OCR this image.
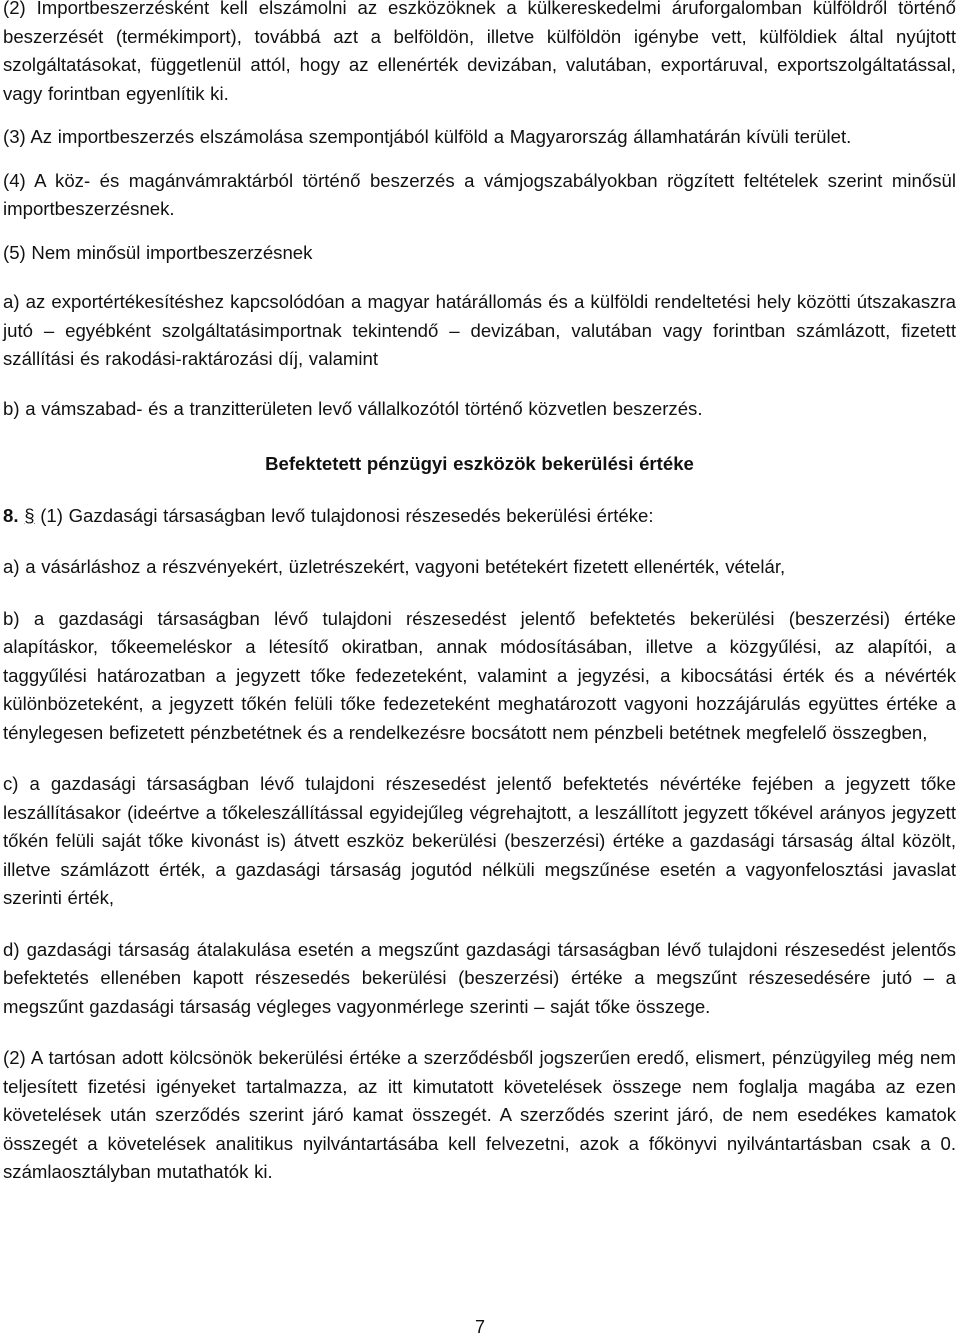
(2) Importbeszerzésként kell elszámolni az eszközöknek a külkereskedelmi áruforgalomban külföldről történő beszerzését (termékimport), továbbá azt a belföldön, illetve külföldön igénybe vett, külföldiek által nyújtott szolgáltatásokat, függetlenül attól, hogy az ellenérték devizában, valutában, exportáruval, exportszolgáltatással, vagy forintban egyenlítik ki.

(3) Az importbeszerzés elszámolása szempontjából külföld a Magyarország államhatárán kívüli terület.

(4) A köz- és magánvámraktárból történő beszerzés a vámjogszabályokban rögzített feltételek szerint minősül importbeszerzésnek.

(5) Nem minősül importbeszerzésnek

a) az exportértékesítéshez kapcsolódóan a magyar határállomás és a külföldi rendeltetési hely közötti útszakaszra jutó ‒ egyébként szolgáltatásimportnak tekintendő ‒ devizában, valutában vagy forintban számlázott, fizetett szállítási és rakodási-raktározási díj, valamint

b) a vámszabad- és a tranzitterületen levő vállalkozótól történő közvetlen beszerzés.

Befektetett pénzügyi eszközök bekerülési értéke

8. § (1) Gazdasági társaságban levő tulajdonosi részesedés bekerülési értéke:

a) a vásárláshoz a részvényekért, üzletrészekért, vagyoni betétekért fizetett ellenérték, vételár,

b) a gazdasági társaságban lévő tulajdoni részesedést jelentő befektetés bekerülési (beszerzési) értéke alapításkor, tőkeemeléskor a létesítő okiratban, annak módosításában, illetve a közgyűlési, az alapítói, a taggyűlési határozatban a jegyzett tőke fedezeteként, valamint a jegyzési, a kibocsátási érték és a névérték különbözeteként, a jegyzett tőkén felüli tőke fedezeteként meghatározott vagyoni hozzájárulás együttes értéke a ténylegesen befizetett pénzbetétnek és a rendelkezésre bocsátott nem pénzbeli betétnek megfelelő összegben,

c) a gazdasági társaságban lévő tulajdoni részesedést jelentő befektetés névértéke fejében a jegyzett tőke leszállításakor (ideértve a tőkeleszállítással egyidejűleg végrehajtott, a leszállított jegyzett tőkével arányos jegyzett tőkén felüli saját tőke kivonást is) átvett eszköz bekerülési (beszerzési) értéke a gazdasági társaság által közölt, illetve számlázott érték, a gazdasági társaság jogutód nélküli megszűnése esetén a vagyonfelosztási javaslat szerinti érték,

d) gazdasági társaság átalakulása esetén a megszűnt gazdasági társaságban lévő tulajdoni részesedést jelentős befektetés ellenében kapott részesedés bekerülési (beszerzési) értéke a megszűnt részesedésére jutó ‒ a megszűnt gazdasági társaság végleges vagyonmérlege szerinti ‒ saját tőke összege.

(2) A tartósan adott kölcsönök bekerülési értéke a szerződésből jogszerűen eredő, elismert, pénzügyileg még nem teljesített fizetési igényeket tartalmazza, az itt kimutatott követelések összege nem foglalja magába az ezen követelések után szerződés szerint járó kamat összegét. A szerződés szerint járó, de nem esedékes kamatok összegét a követelések analitikus nyilvántartásába kell felvezetni, azok a főkönyvi nyilvántartásban csak a 0. számlaosztályban mutathatók ki.

7
